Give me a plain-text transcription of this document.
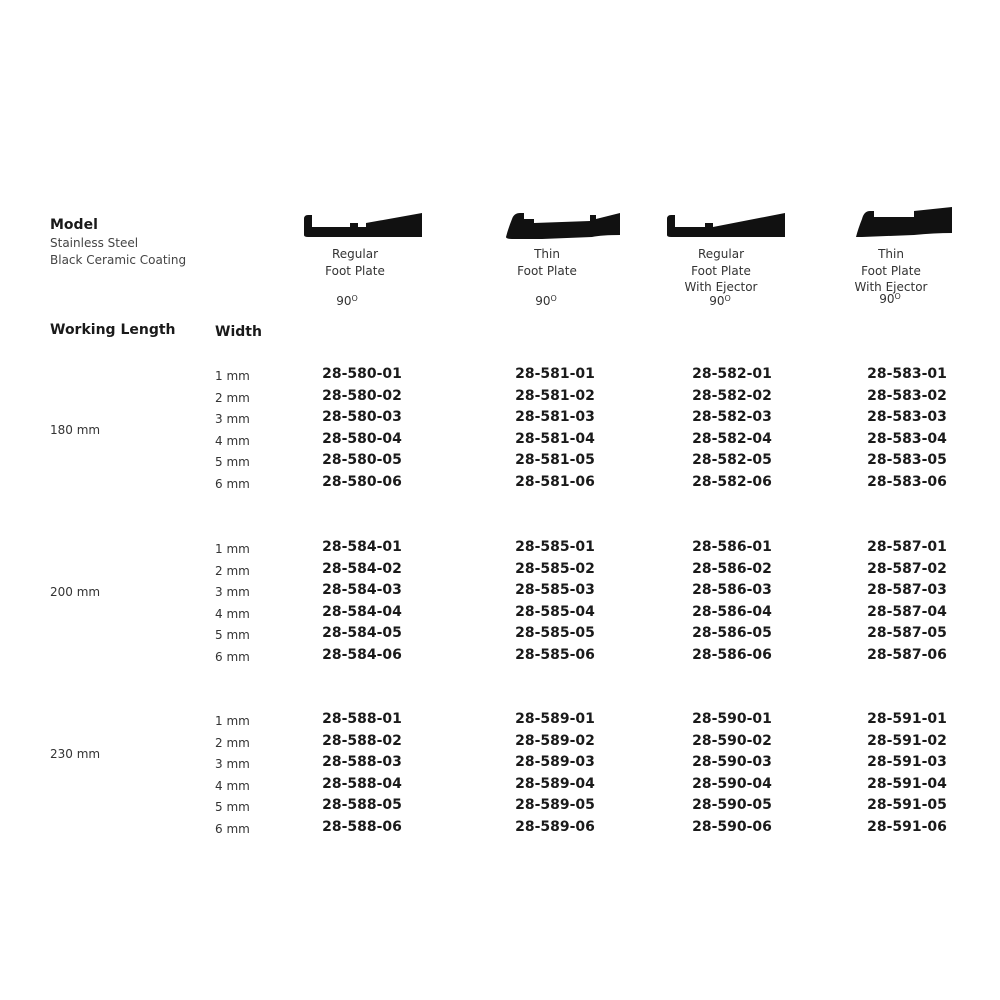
Model
Stainless Steel
Black Ceramic Coating
Working Length	Width
Regular
Foot Plate
$90^O$
Thin
Foot Plate
$90^O$
Regular
Foot Plate
With Ejector
$90^O$
Thin
Foot Plate
With Ejector
$90^O$
180 mm
1 mm	28-580-01	28-581-01	28-582-01	28-583-01
2 mm	28-580-02	28-581-02	28-582-02	28-583-02
3 mm	28-580-03	28-581-03	28-582-03	28-583-03
4 mm	28-580-04	28-581-04	28-582-04	28-583-04
5 mm	28-580-05	28-581-05	28-582-05	28-583-05
6 mm	28-580-06	28-581-06	28-582-06	28-583-06
200 mm
1 mm	28-584-01	28-585-01	28-586-01	28-587-01
2 mm	28-584-02	28-585-02	28-586-02	28-587-02
3 mm	28-584-03	28-585-03	28-586-03	28-587-03
4 mm	28-584-04	28-585-04	28-586-04	28-587-04
5 mm	28-584-05	28-585-05	28-586-05	28-587-05
6 mm	28-584-06	28-585-06	28-586-06	28-587-06
230 mm
1 mm	28-588-01	28-589-01	28-590-01	28-591-01
2 mm	28-588-02	28-589-02	28-590-02	28-591-02
3 mm	28-588-03	28-589-03	28-590-03	28-591-03
4 mm	28-588-04	28-589-04	28-590-04	28-591-04
5 mm	28-588-05	28-589-05	28-590-05	28-591-05
6 mm	28-588-06	28-589-06	28-590-06	28-591-06
